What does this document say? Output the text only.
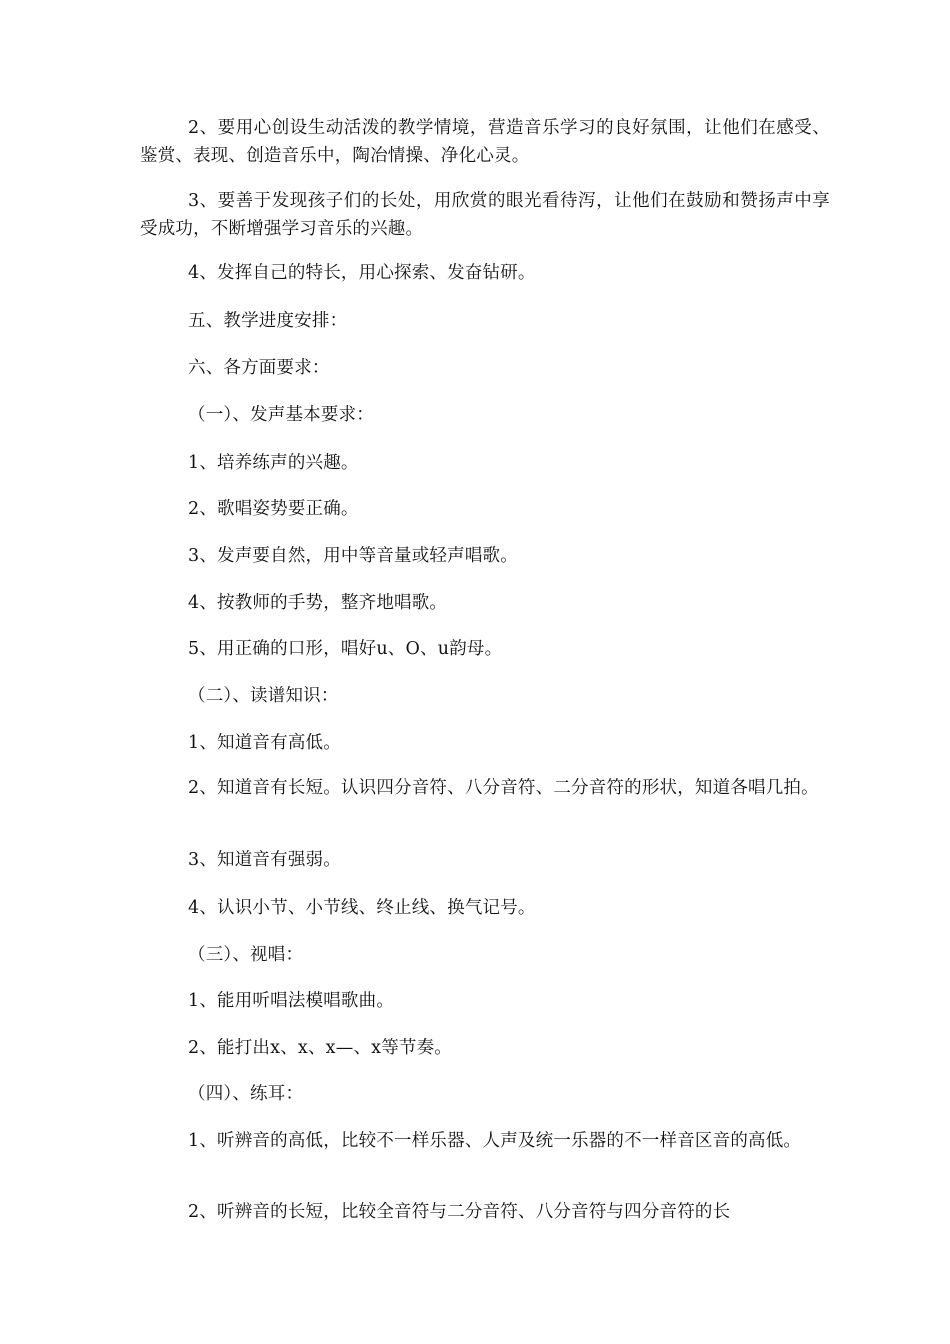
2、要用心创设生动活泼的教学情境，营造音乐学习的良好氛围，让他们在感受、鉴赏、表现、创造音乐中，陶冶情操、净化心灵。

3、要善于发现孩子们的长处，用欣赏的眼光看待泻，让他们在鼓励和赞扬声中享受成功，不断增强学习音乐的兴趣。

4、发挥自己的特长，用心探索、发奋钻研。

五、教学进度安排：

六、各方面要求：

（一）、发声基本要求：

1、培养练声的兴趣。

2、歌唱姿势要正确。

3、发声要自然，用中等音量或轻声唱歌。

4、按教师的手势，整齐地唱歌。

5、用正确的口形，唱好u、O、u韵母。

（二）、读谱知识：

1、知道音有高低。

2、知道音有长短。认识四分音符、八分音符、二分音符的形状，知道各唱几拍。

3、知道音有强弱。

4、认识小节、小节线、终止线、换气记号。

（三）、视唱：

1、能用听唱法模唱歌曲。

2、能打出x、x、x—、x等节奏。

（四）、练耳：

1、听辨音的高低，比较不一样乐器、人声及统一乐器的不一样音区音的高低。

2、听辨音的长短，比较全音符与二分音符、八分音符与四分音符的长
